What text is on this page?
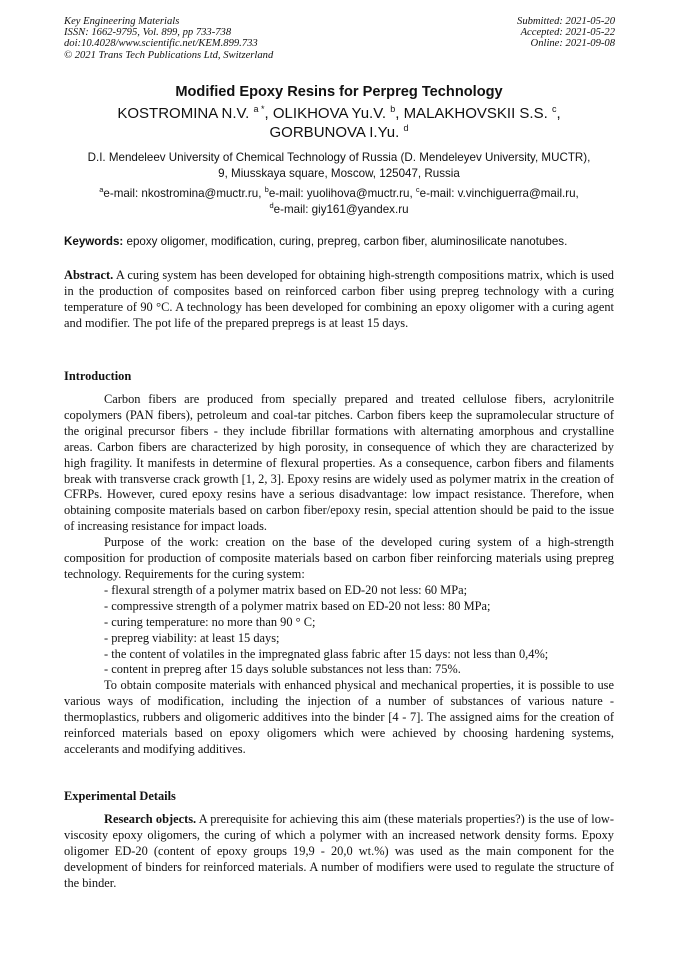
Key Engineering Materials
ISSN: 1662-9795, Vol. 899, pp 733-738
doi:10.4028/www.scientific.net/KEM.899.733
© 2021 Trans Tech Publications Ltd, Switzerland
Submitted: 2021-05-20
Accepted: 2021-05-22
Online: 2021-09-08
Modified Epoxy Resins for Perpreg Technology
KOSTROMINA N.V. $^{a *}$, OLIKHOVA Yu.V. $^b$, MALAKHOVSKII S.S. $^c$,
GORBUNOVA I.Yu. $^d$
D.I. Mendeleev University of Chemical Technology of Russia (D. Mendeleyev University, MUCTR),
9, Miusskaya square, Moscow, 125047, Russia
$^a$e-mail: nkostromina@muctr.ru, $^b$e-mail: yuolihova@muctr.ru, $^c$e-mail: v.vinchiguerra@mail.ru,
$^d$e-mail: giy161@yandex.ru
Keywords: epoxy oligomer, modification, curing, prepreg, carbon fiber, aluminosilicate nanotubes.
Abstract. A curing system has been developed for obtaining high-strength compositions matrix, which is used in the production of composites based on reinforced carbon fiber using prepreg technology with a curing temperature of 90 °C. A technology has been developed for combining an epoxy oligomer with a curing agent and modifier. The pot life of the prepared prepregs is at least 15 days.
Introduction

Carbon fibers are produced from specially prepared and treated cellulose fibers, acrylonitrile copolymers (PAN fibers), petroleum and coal-tar pitches. Carbon fibers keep the supramolecular structure of the original precursor fibers - they include fibrillar formations with alternating amorphous and crystalline areas. Carbon fibers are characterized by high porosity, in consequence of which they are characterized by high fragility. It manifests in determine of flexural properties. As a consequence, carbon fibers and filaments break with transverse crack growth [1, 2, 3]. Epoxy resins are widely used as polymer matrix in the creation of CFRPs. However, cured epoxy resins have a serious disadvantage: low impact resistance. Therefore, when obtaining composite materials based on carbon fiber/epoxy resin, special attention should be paid to the issue of increasing resistance for impact loads.

Purpose of the work: creation on the base of the developed curing system of a high-strength composition for production of composite materials based on carbon fiber reinforcing materials using prepreg technology. Requirements for the curing system:

- flexural strength of a polymer matrix based on ED-20 not less: 60 MPa;

- compressive strength of a polymer matrix based on ED-20 not less: 80 MPa;

- curing temperature: no more than 90 ° C;

- prepreg viability: at least 15 days;

- the content of volatiles in the impregnated glass fabric after 15 days: not less than 0,4%;

- content in prepreg after 15 days soluble substances not less than: 75%.

To obtain composite materials with enhanced physical and mechanical properties, it is possible to use various ways of modification, including the injection of a number of substances of various nature - thermoplastics, rubbers and oligomeric additives into the binder [4 - 7]. The assigned aims for the creation of reinforced materials based on epoxy oligomers which were achieved by choosing hardening systems, accelerants and modifying additives.

Experimental Details

Research objects. A prerequisite for achieving this aim (these materials properties?) is the use of low-viscosity epoxy oligomers, the curing of which a polymer with an increased network density forms. Epoxy oligomer ED-20 (content of epoxy groups 19,9 - 20,0 wt.%) was used as the main component for the development of binders for reinforced materials. A number of modifiers were used to regulate the structure of the binder.
